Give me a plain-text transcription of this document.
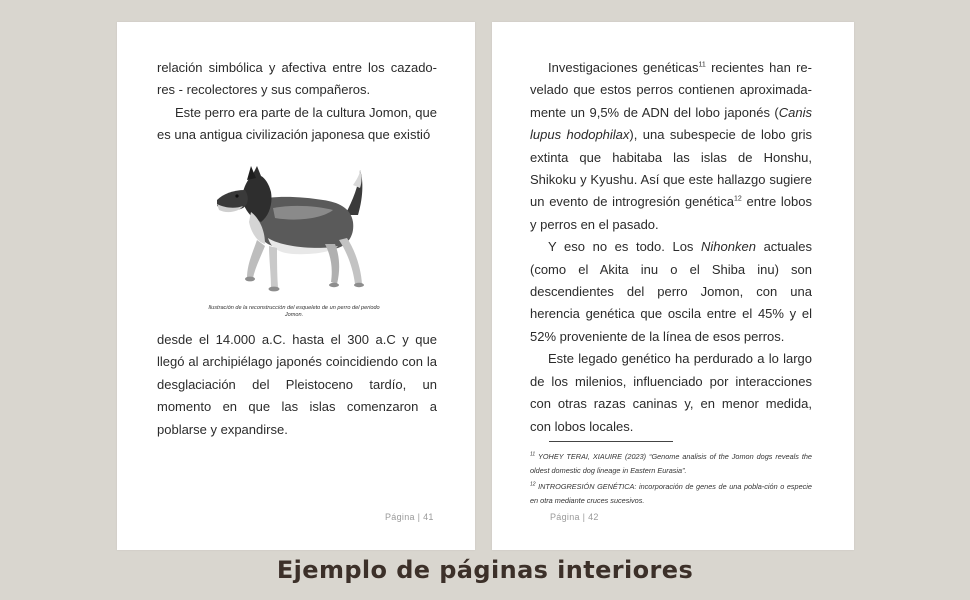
relación simbólica y afectiva entre los cazado-res - recolectores y sus compañeros.

Este perro era parte de la cultura Jomon, que es una antigua civilización japonesa que existió

Ilustración de la reconstrucción del esqueleto de un perro del periodo Jomon.

desde el 14.000 a.C. hasta el 300 a.C y que llegó al archipiélago japonés coincidiendo con la desglaciación del Pleistoceno tardío, un momento en que las islas comenzaron a poblarse y expandirse.

Página | 41

Investigaciones genéticas$^{11}$ recientes han re-velado que estos perros contienen aproximada-mente un 9,5% de ADN del lobo japonés (Canis lupus hodophilax), una subespecie de lobo gris extinta que habitaba las islas de Honshu, Shikoku y Kyushu. Así que este hallazgo sugiere un evento de introgresión genética$^{12}$ entre lobos y perros en el pasado.

Y eso no es todo. Los Nihonken actuales (como el Akita inu o el Shiba inu) son descendientes del perro Jomon, con una herencia genética que oscila entre el 45% y el 52% proveniente de la línea de esos perros.

Este legado genético ha perdurado a lo largo de los milenios, influenciado por interacciones con otras razas caninas y, en menor medida, con lobos locales.

$^{11}$ YOHEY TERAI, XIAUIRE (2023) “Genome analisis of the Jomon dogs reveals the oldest domestic dog lineage in Eastern Eurasia”.
$^{12}$ INTROGRESIÓN GENÉTICA: incorporación de genes de una pobla-ción o especie en otra mediante cruces sucesivos.
Página | 42
Ejemplo de páginas interiores
